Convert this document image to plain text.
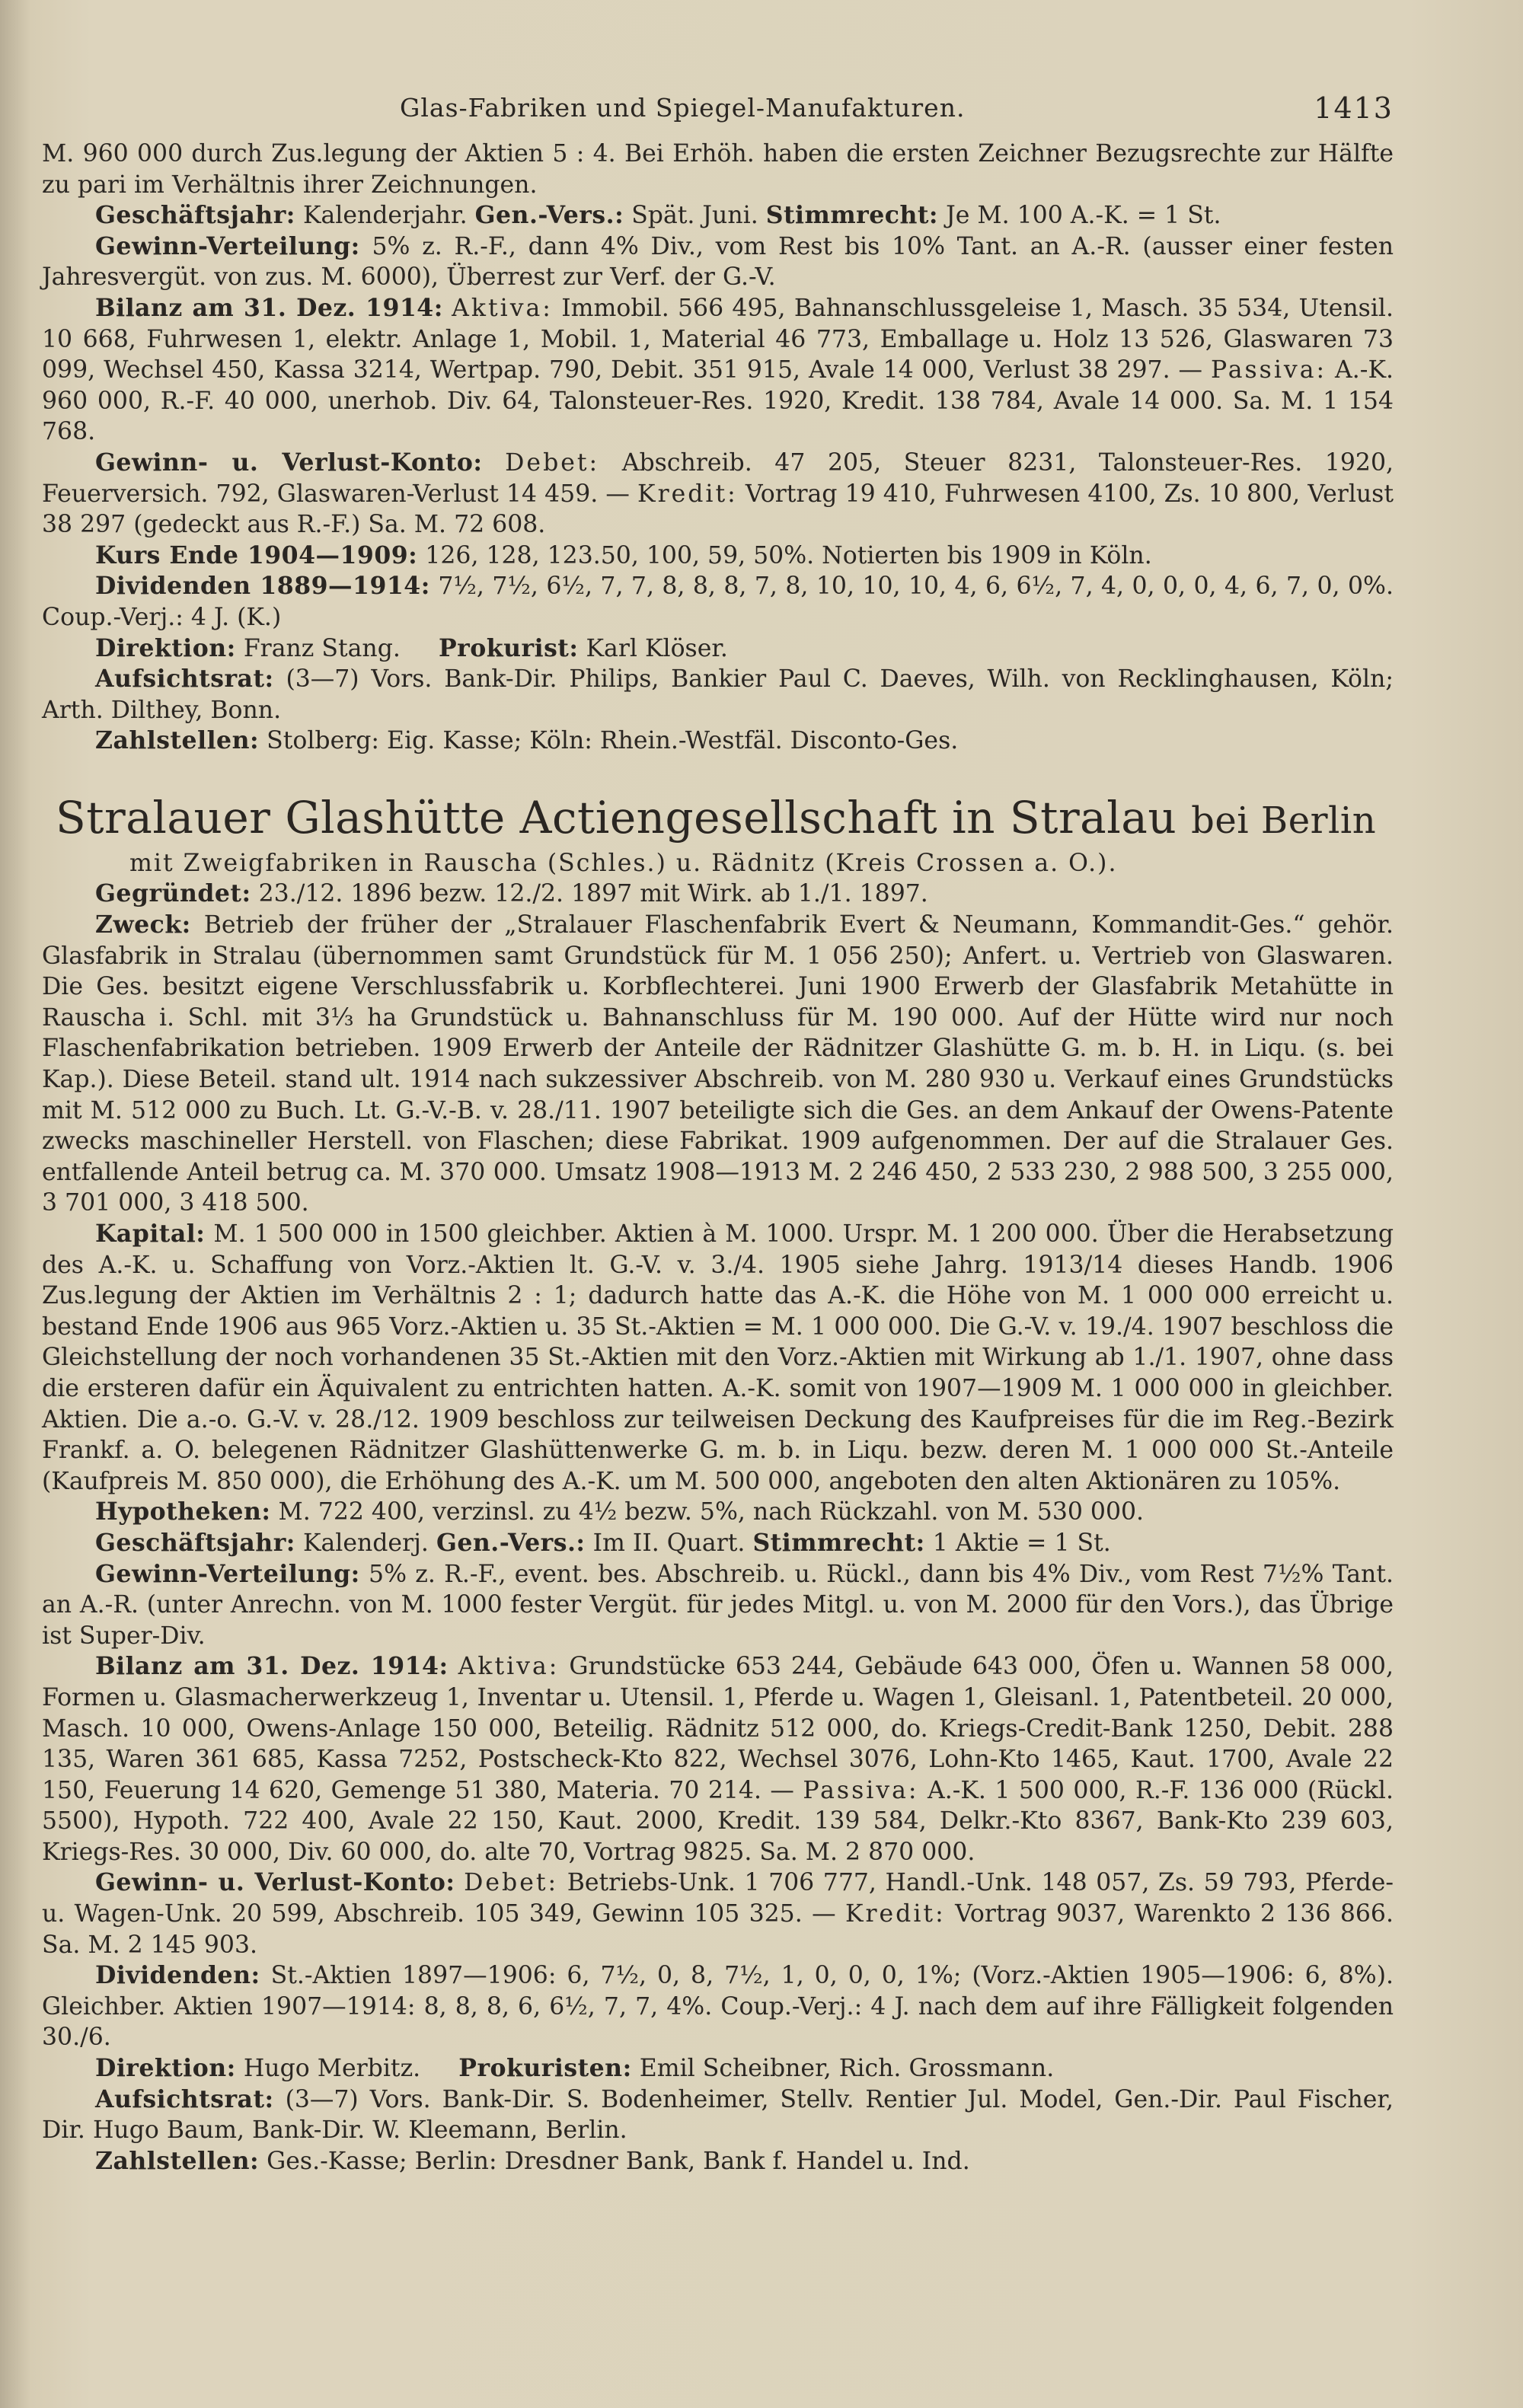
Glas-Fabriken und Spiegel-Manufakturen.	1413

M. 960 000 durch Zus.legung der Aktien 5 : 4. Bei Erhöh. haben die ersten Zeichner Bezugsrechte zur Hälfte zu pari im Verhältnis ihrer Zeichnungen.

Geschäftsjahr: Kalenderjahr. Gen.-Vers.: Spät. Juni. Stimmrecht: Je M. 100 A.-K. = 1 St.

Gewinn-Verteilung: 5% z. R.-F., dann 4% Div., vom Rest bis 10% Tant. an A.-R. (ausser einer festen Jahresvergüt. von zus. M. 6000), Überrest zur Verf. der G.-V.

Bilanz am 31. Dez. 1914: Aktiva: Immobil. 566 495, Bahnanschlussgeleise 1, Masch. 35 534, Utensil. 10 668, Fuhrwesen 1, elektr. Anlage 1, Mobil. 1, Material 46 773, Emballage u. Holz 13 526, Glaswaren 73 099, Wechsel 450, Kassa 3214, Wertpap. 790, Debit. 351 915, Avale 14 000, Verlust 38 297. — Passiva: A.-K. 960 000, R.-F. 40 000, unerhob. Div. 64, Talonsteuer-Res. 1920, Kredit. 138 784, Avale 14 000. Sa. M. 1 154 768.

Gewinn- u. Verlust-Konto: Debet: Abschreib. 47 205, Steuer 8231, Talonsteuer-Res. 1920, Feuerversich. 792, Glaswaren-Verlust 14 459. — Kredit: Vortrag 19 410, Fuhrwesen 4100, Zs. 10 800, Verlust 38 297 (gedeckt aus R.-F.) Sa. M. 72 608.

Kurs Ende 1904—1909: 126, 128, 123.50, 100, 59, 50%. Notierten bis 1909 in Köln.

Dividenden 1889—1914: 7½, 7½, 6½, 7, 7, 8, 8, 8, 7, 8, 10, 10, 10, 4, 6, 6½, 7, 4, 0, 0, 0, 4, 6, 7, 0, 0%. Coup.-Verj.: 4 J. (K.)

Direktion: Franz Stang. Prokurist: Karl Klöser.

Aufsichtsrat: (3—7) Vors. Bank-Dir. Philips, Bankier Paul C. Daeves, Wilh. von Recklinghausen, Köln; Arth. Dilthey, Bonn.

Zahlstellen: Stolberg: Eig. Kasse; Köln: Rhein.-Westfäl. Disconto-Ges.

Stralauer Glashütte Actiengesellschaft in Stralau bei Berlin

mit Zweigfabriken in Rauscha (Schles.) u. Rädnitz (Kreis Crossen a. O.).

Gegründet: 23./12. 1896 bezw. 12./2. 1897 mit Wirk. ab 1./1. 1897.

Zweck: Betrieb der früher der „Stralauer Flaschenfabrik Evert & Neumann, Kommandit-Ges.“ gehör. Glasfabrik in Stralau (übernommen samt Grundstück für M. 1 056 250); Anfert. u. Vertrieb von Glaswaren. Die Ges. besitzt eigene Verschlussfabrik u. Korbflechterei. Juni 1900 Erwerb der Glasfabrik Metahütte in Rauscha i. Schl. mit 3⅓ ha Grundstück u. Bahnanschluss für M. 190 000. Auf der Hütte wird nur noch Flaschenfabrikation betrieben. 1909 Erwerb der Anteile der Rädnitzer Glashütte G. m. b. H. in Liqu. (s. bei Kap.). Diese Beteil. stand ult. 1914 nach sukzessiver Abschreib. von M. 280 930 u. Verkauf eines Grundstücks mit M. 512 000 zu Buch. Lt. G.-V.-B. v. 28./11. 1907 beteiligte sich die Ges. an dem Ankauf der Owens-Patente zwecks maschineller Herstell. von Flaschen; diese Fabrikat. 1909 aufgenommen. Der auf die Stralauer Ges. entfallende Anteil betrug ca. M. 370 000. Umsatz 1908—1913 M. 2 246 450, 2 533 230, 2 988 500, 3 255 000, 3 701 000, 3 418 500.

Kapital: M. 1 500 000 in 1500 gleichber. Aktien à M. 1000. Urspr. M. 1 200 000. Über die Herabsetzung des A.-K. u. Schaffung von Vorz.-Aktien lt. G.-V. v. 3./4. 1905 siehe Jahrg. 1913/14 dieses Handb. 1906 Zus.legung der Aktien im Verhältnis 2 : 1; dadurch hatte das A.-K. die Höhe von M. 1 000 000 erreicht u. bestand Ende 1906 aus 965 Vorz.-Aktien u. 35 St.-Aktien = M. 1 000 000. Die G.-V. v. 19./4. 1907 beschloss die Gleichstellung der noch vorhandenen 35 St.-Aktien mit den Vorz.-Aktien mit Wirkung ab 1./1. 1907, ohne dass die ersteren dafür ein Äquivalent zu entrichten hatten. A.-K. somit von 1907—1909 M. 1 000 000 in gleichber. Aktien. Die a.-o. G.-V. v. 28./12. 1909 beschloss zur teilweisen Deckung des Kaufpreises für die im Reg.-Bezirk Frankf. a. O. belegenen Rädnitzer Glashüttenwerke G. m. b. in Liqu. bezw. deren M. 1 000 000 St.-Anteile (Kaufpreis M. 850 000), die Erhöhung des A.-K. um M. 500 000, angeboten den alten Aktionären zu 105%.

Hypotheken: M. 722 400, verzinsl. zu 4½ bezw. 5%, nach Rückzahl. von M. 530 000.

Geschäftsjahr: Kalenderj. Gen.-Vers.: Im II. Quart. Stimmrecht: 1 Aktie = 1 St.

Gewinn-Verteilung: 5% z. R.-F., event. bes. Abschreib. u. Rückl., dann bis 4% Div., vom Rest 7½% Tant. an A.-R. (unter Anrechn. von M. 1000 fester Vergüt. für jedes Mitgl. u. von M. 2000 für den Vors.), das Übrige ist Super-Div.

Bilanz am 31. Dez. 1914: Aktiva: Grundstücke 653 244, Gebäude 643 000, Öfen u. Wannen 58 000, Formen u. Glasmacherwerkzeug 1, Inventar u. Utensil. 1, Pferde u. Wagen 1, Gleisanl. 1, Patentbeteil. 20 000, Masch. 10 000, Owens-Anlage 150 000, Beteilig. Rädnitz 512 000, do. Kriegs-Credit-Bank 1250, Debit. 288 135, Waren 361 685, Kassa 7252, Postscheck-Kto 822, Wechsel 3076, Lohn-Kto 1465, Kaut. 1700, Avale 22 150, Feuerung 14 620, Gemenge 51 380, Materia. 70 214. — Passiva: A.-K. 1 500 000, R.-F. 136 000 (Rückl. 5500), Hypoth. 722 400, Avale 22 150, Kaut. 2000, Kredit. 139 584, Delkr.-Kto 8367, Bank-Kto 239 603, Kriegs-Res. 30 000, Div. 60 000, do. alte 70, Vortrag 9825. Sa. M. 2 870 000.

Gewinn- u. Verlust-Konto: Debet: Betriebs-Unk. 1 706 777, Handl.-Unk. 148 057, Zs. 59 793, Pferde- u. Wagen-Unk. 20 599, Abschreib. 105 349, Gewinn 105 325. — Kredit: Vortrag 9037, Warenkto 2 136 866. Sa. M. 2 145 903.

Dividenden: St.-Aktien 1897—1906: 6, 7½, 0, 8, 7½, 1, 0, 0, 0, 1%; (Vorz.-Aktien 1905—1906: 6, 8%). Gleichber. Aktien 1907—1914: 8, 8, 8, 6, 6½, 7, 7, 4%. Coup.-Verj.: 4 J. nach dem auf ihre Fälligkeit folgenden 30./6.

Direktion: Hugo Merbitz. Prokuristen: Emil Scheibner, Rich. Grossmann.

Aufsichtsrat: (3—7) Vors. Bank-Dir. S. Bodenheimer, Stellv. Rentier Jul. Model, Gen.-Dir. Paul Fischer, Dir. Hugo Baum, Bank-Dir. W. Kleemann, Berlin.

Zahlstellen: Ges.-Kasse; Berlin: Dresdner Bank, Bank f. Handel u. Ind.
